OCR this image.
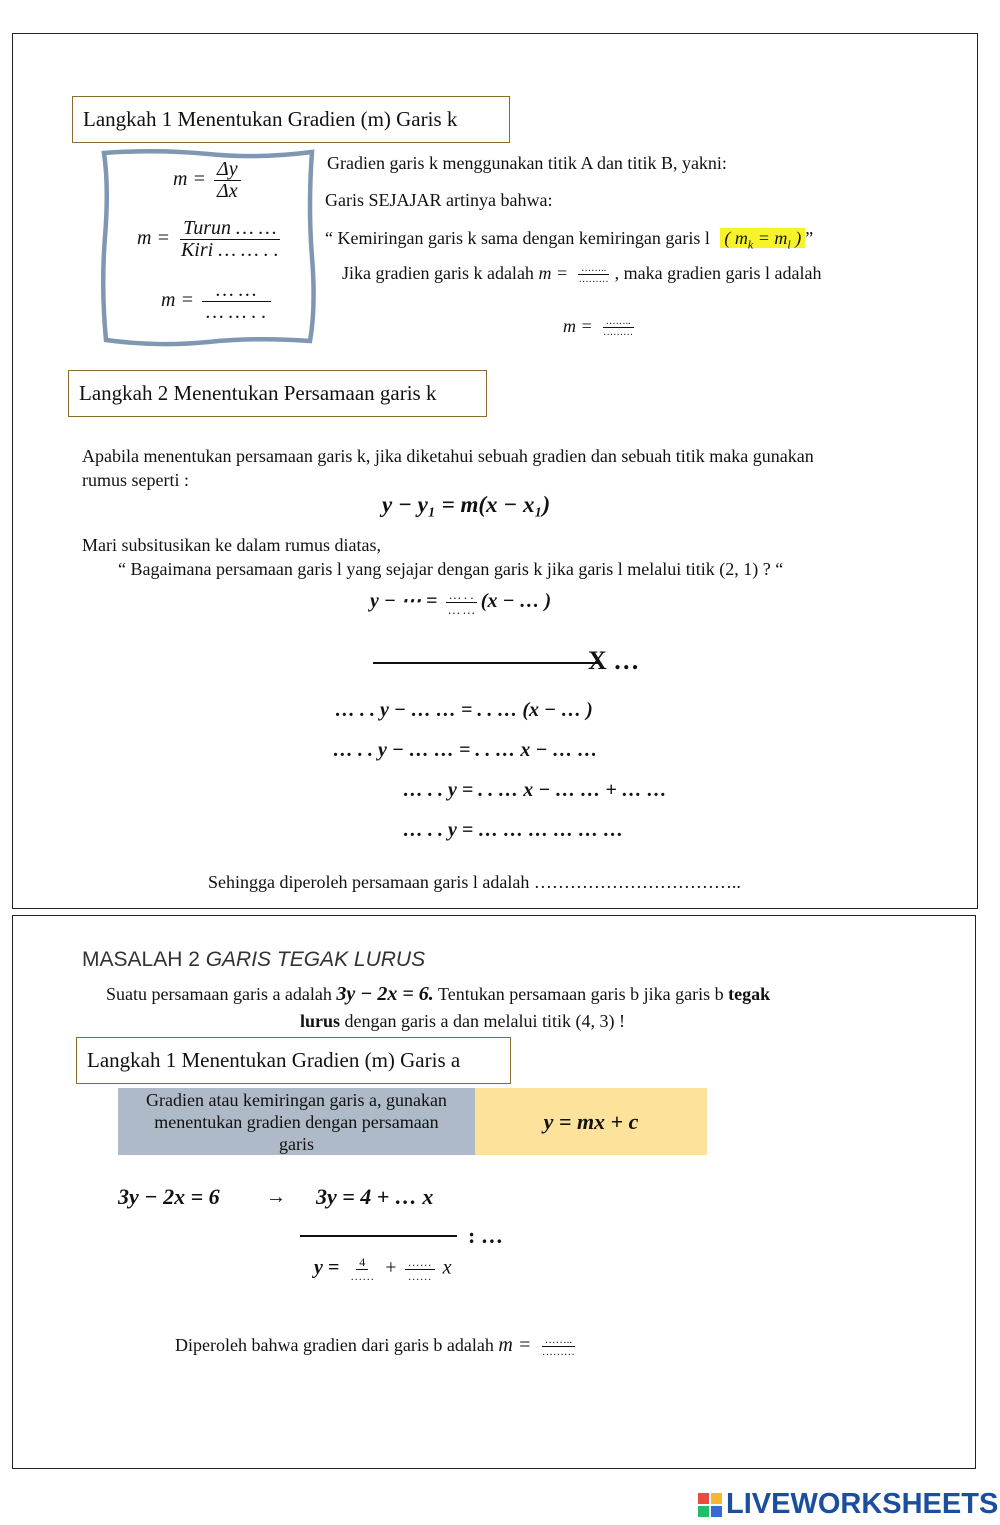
Langkah 1 Menentukan Gradien (m) Garis k
$m = \frac{\Delta y}{\Delta x}$
$m = \frac{\text{Turun … …}}{\text{Kiri … … . .}}$
$m = \frac{\dots \dots}{\dots \dots . .}$
Gradien garis k menggunakan titik A dan titik B, yakni:
Garis SEJAJAR artinya bahwa:
“ Kemiringan garis k sama dengan kemiringan garis l ( $m_k = m_l$ ) ”
Jika gradien garis k adalah $m = \frac{\dots\dots..}{\dots\dots\dots}$ , maka gradien garis l adalah
$m = \frac{\dots\dots..}{\dots\dots\dots}$
Langkah 2 Menentukan Persamaan garis k
Apabila menentukan persamaan garis k, jika diketahui sebuah gradien dan sebuah titik maka gunakan
rumus seperti :
y − y₁ = m(x − x₁)
Mari subsitusikan ke dalam rumus diatas,
“ Bagaimana persamaan garis l yang sejajar dengan garis k jika garis l melalui titik (2, 1) ? “
y − ⋯ = $\frac{\dots . .}{\dots \dots} (x$ − … )
X …
… . . y − … … = . . … (x − … )
… . . y − … … = . . … x − … …
… . . y = . . … x − … … + … …
… . . y = … … … … … …
Sehingga diperoleh persamaan garis l adalah ……………………………..
MASALAH 2 GARIS TEGAK LURUS
Suatu persamaan garis a adalah 3y − 2x = 6. Tentukan persamaan garis b jika garis b tegak
lurus dengan garis a dan melalui titik (4, 3) !
Langkah 1 Menentukan Gradien (m) Garis a
Gradien atau kemiringan garis a, gunakan menentukan gradien dengan persamaan garis
y = mx + c
3y − 2x = 6 → 3y = 4 + … x
: …
$y = \frac{4}{\dots\dots} + \frac{\dots\dots}{\dots\dots}$ x
Diperoleh bahwa gradien dari garis b adalah $m = \frac{\dots\dots..}{\dots\dots\dots}$
LIVEWORKSHEETS
